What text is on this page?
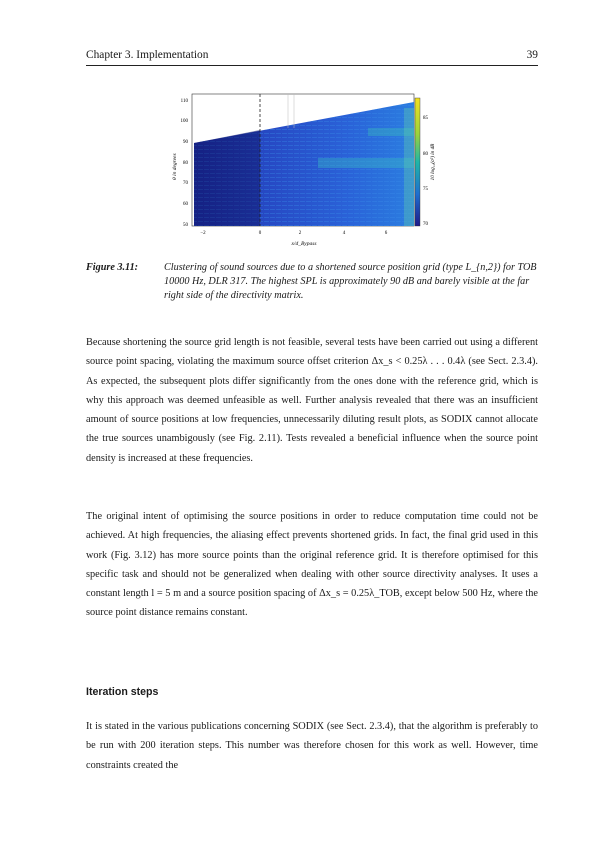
Chapter 3. Implementation	39
110
100
90
80
70
60
50
θ in degrees
−2	0	2	4	6
x/d_Bypass
85
80
75
70
10 log₁₀(σ²) in dB
Figure 3.11:	Clustering of sound sources due to a shortened source position grid (type L_{n,2}) for TOB 10000 Hz, DLR 317. The highest SPL is approximately 90 dB and barely visible at the far right side of the directivity matrix.

Because shortening the source grid length is not feasible, several tests have been carried out using a different source point spacing, violating the maximum source offset criterion Δx_s < 0.25λ . . . 0.4λ (see Sect. 2.3.4). As expected, the subsequent plots differ significantly from the ones done with the reference grid, which is why this approach was deemed unfeasible as well. Further analysis revealed that there was an insufficient amount of source positions at low frequencies, unnecessarily diluting result plots, as SODIX cannot allocate the true sources unambigously (see Fig. 2.11). Tests revealed a beneficial influence when the source point density is increased at these frequencies.

The original intent of optimising the source positions in order to reduce computation time could not be achieved. At high frequencies, the aliasing effect prevents shortened grids. In fact, the final grid used in this work (Fig. 3.12) has more source points than the original reference grid. It is therefore optimised for this specific task and should not be generalized when dealing with other source directivity analyses. It uses a constant length l = 5 m and a source position spacing of Δx_s = 0.25λ_TOB, except below 500 Hz, where the source point distance remains constant.

Iteration steps

It is stated in the various publications concerning SODIX (see Sect. 2.3.4), that the algorithm is preferably to be run with 200 iteration steps. This number was therefore chosen for this work as well. However, time constraints created the
